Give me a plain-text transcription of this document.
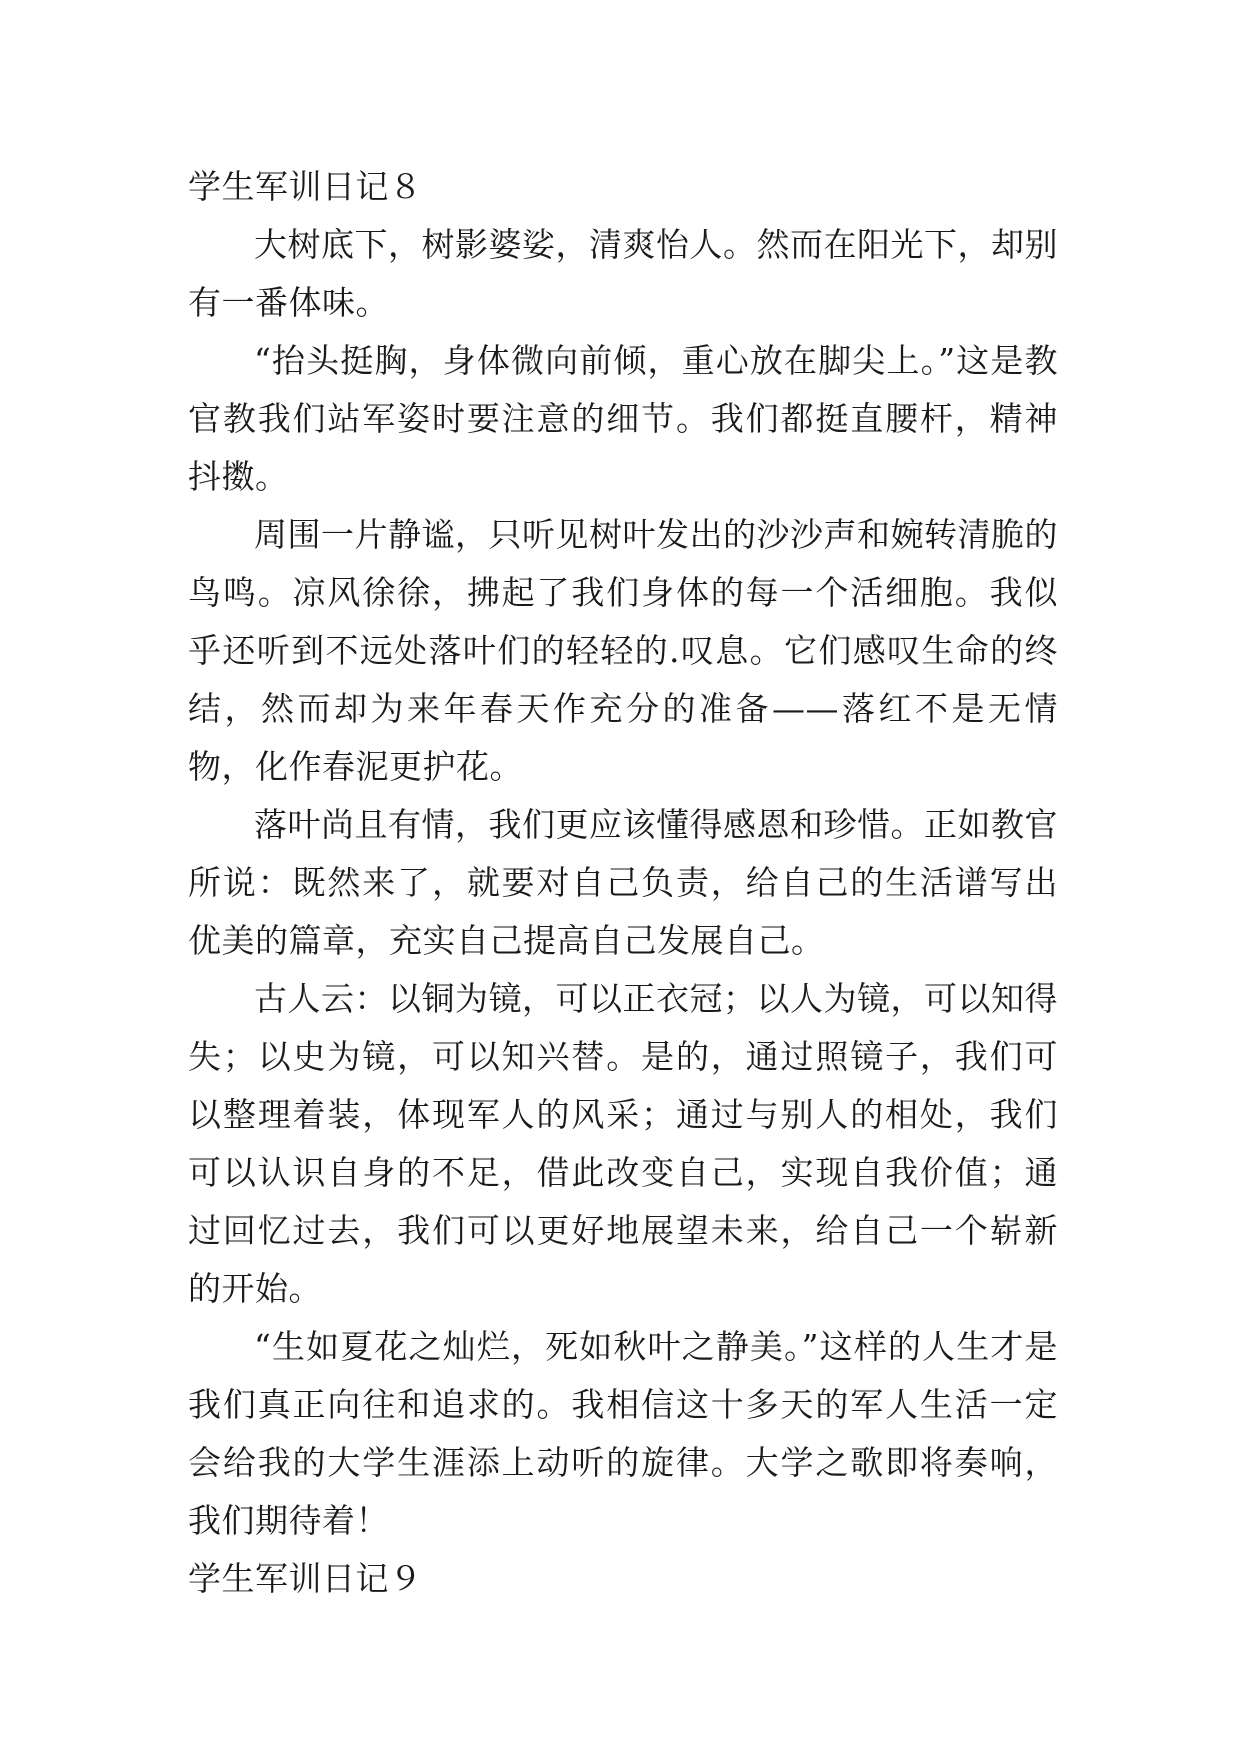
学生军训日记８

大树底下，树影婆娑，清爽怡人。然而在阳光下，却别有一番体味。

“抬头挺胸，身体微向前倾，重心放在脚尖上。”这是教官教我们站军姿时要注意的细节。我们都挺直腰杆，精神抖擞。

周围一片静谧，只听见树叶发出的沙沙声和婉转清脆的鸟鸣。凉风徐徐，拂起了我们身体的每一个活细胞。我似乎还听到不远处落叶们的轻轻的.叹息。它们感叹生命的终结，然而却为来年春天作充分的准备——落红不是无情物，化作春泥更护花。

落叶尚且有情，我们更应该懂得感恩和珍惜。正如教官所说：既然来了，就要对自己负责，给自己的生活谱写出优美的篇章，充实自己提高自己发展自己。

古人云：以铜为镜，可以正衣冠；以人为镜，可以知得失；以史为镜，可以知兴替。是的，通过照镜子，我们可以整理着装，体现军人的风采；通过与别人的相处，我们可以认识自身的不足，借此改变自己，实现自我价值；通过回忆过去，我们可以更好地展望未来，给自己一个崭新的开始。

“生如夏花之灿烂，死如秋叶之静美。”这样的人生才是我们真正向往和追求的。我相信这十多天的军人生活一定会给我的大学生涯添上动听的旋律。大学之歌即将奏响，我们期待着！

学生军训日记９
